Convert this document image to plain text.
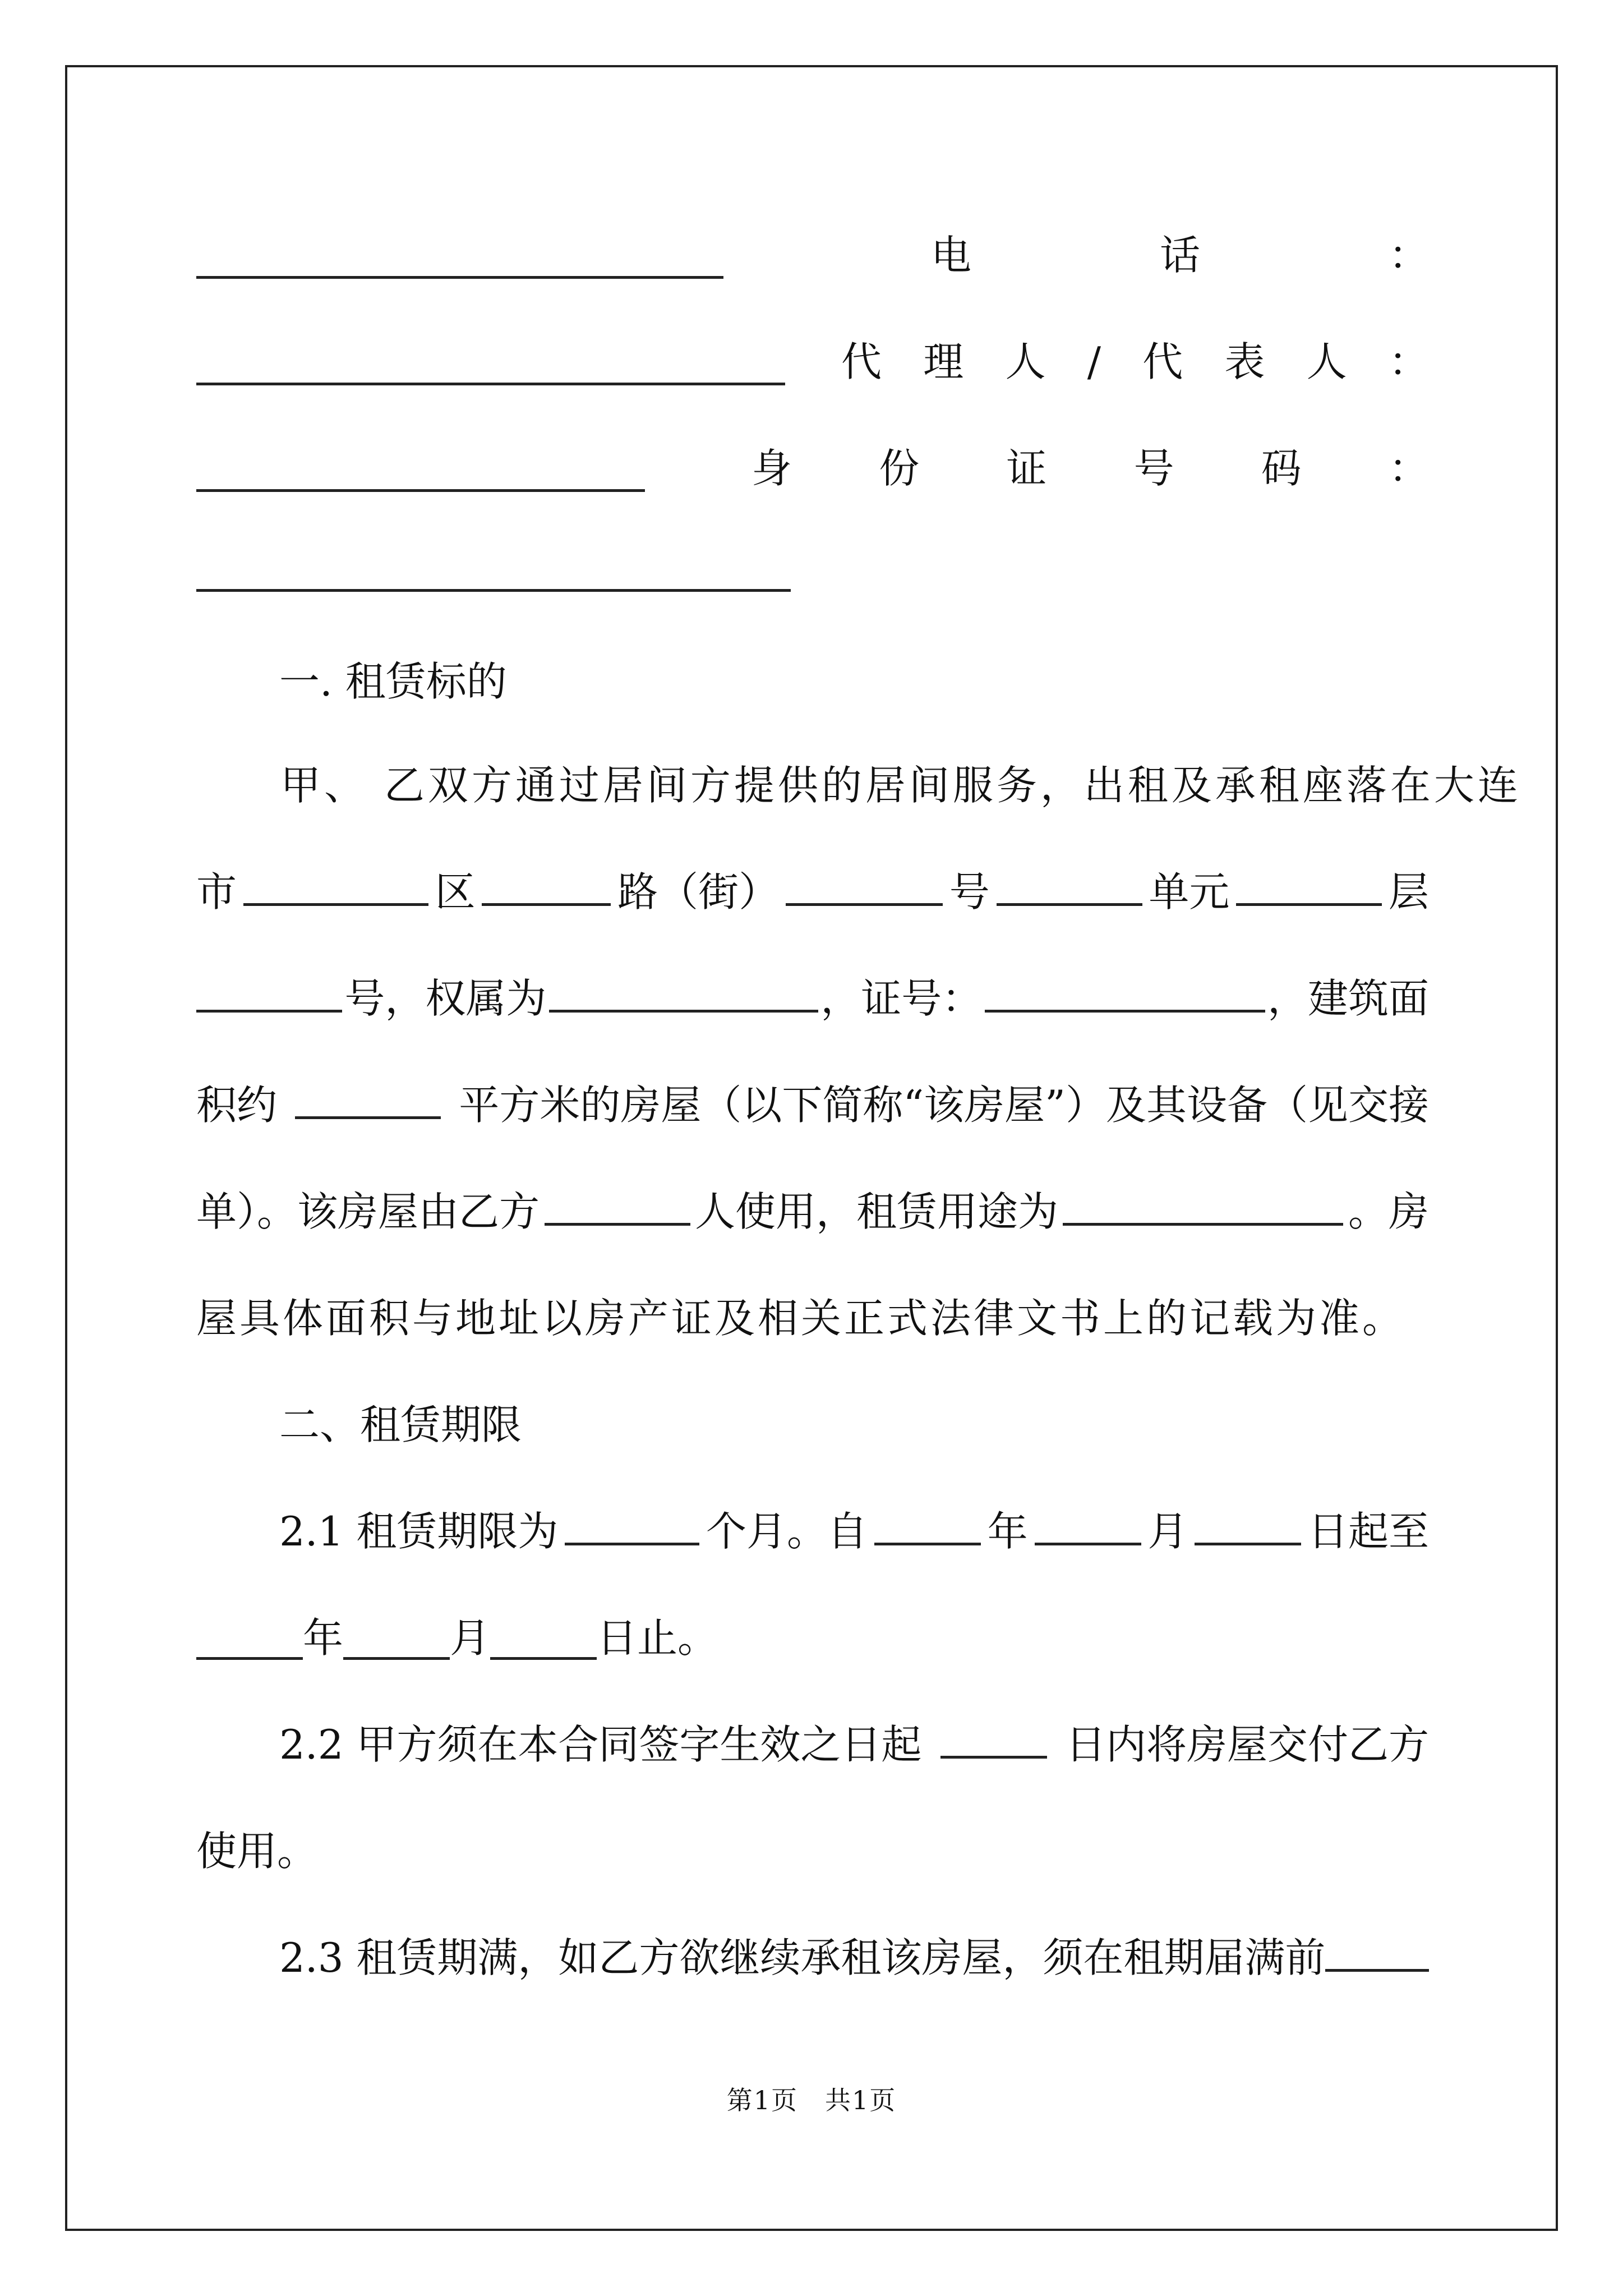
电	话	：
代 理 人 / 代 表 人 ：
身 份 证 号 码 ：
一. 租赁标的
甲、 乙双方通过居间方提供的居间服务，出租及承租座落在大连
市	区	路（街）	号	单元	层
号，权属为	，证号：	，建筑面
积约	平方米的房屋（以下简称“该房屋”）及其设备（见交接
单）。该房屋由乙方	人使用，租赁用途为	。房
屋具体面积与地址以房产证及相关正式法律文书上的记载为准。
二、租赁期限
2.1 租赁期限为	个月。自	年	月	日起至
年	月	日止。
2.2 甲方须在本合同签字生效之日起	日内将房屋交付乙方
使用。
2.3 租赁期满，如乙方欲继续承租该房屋，须在租期届满前
第1页　共1页
